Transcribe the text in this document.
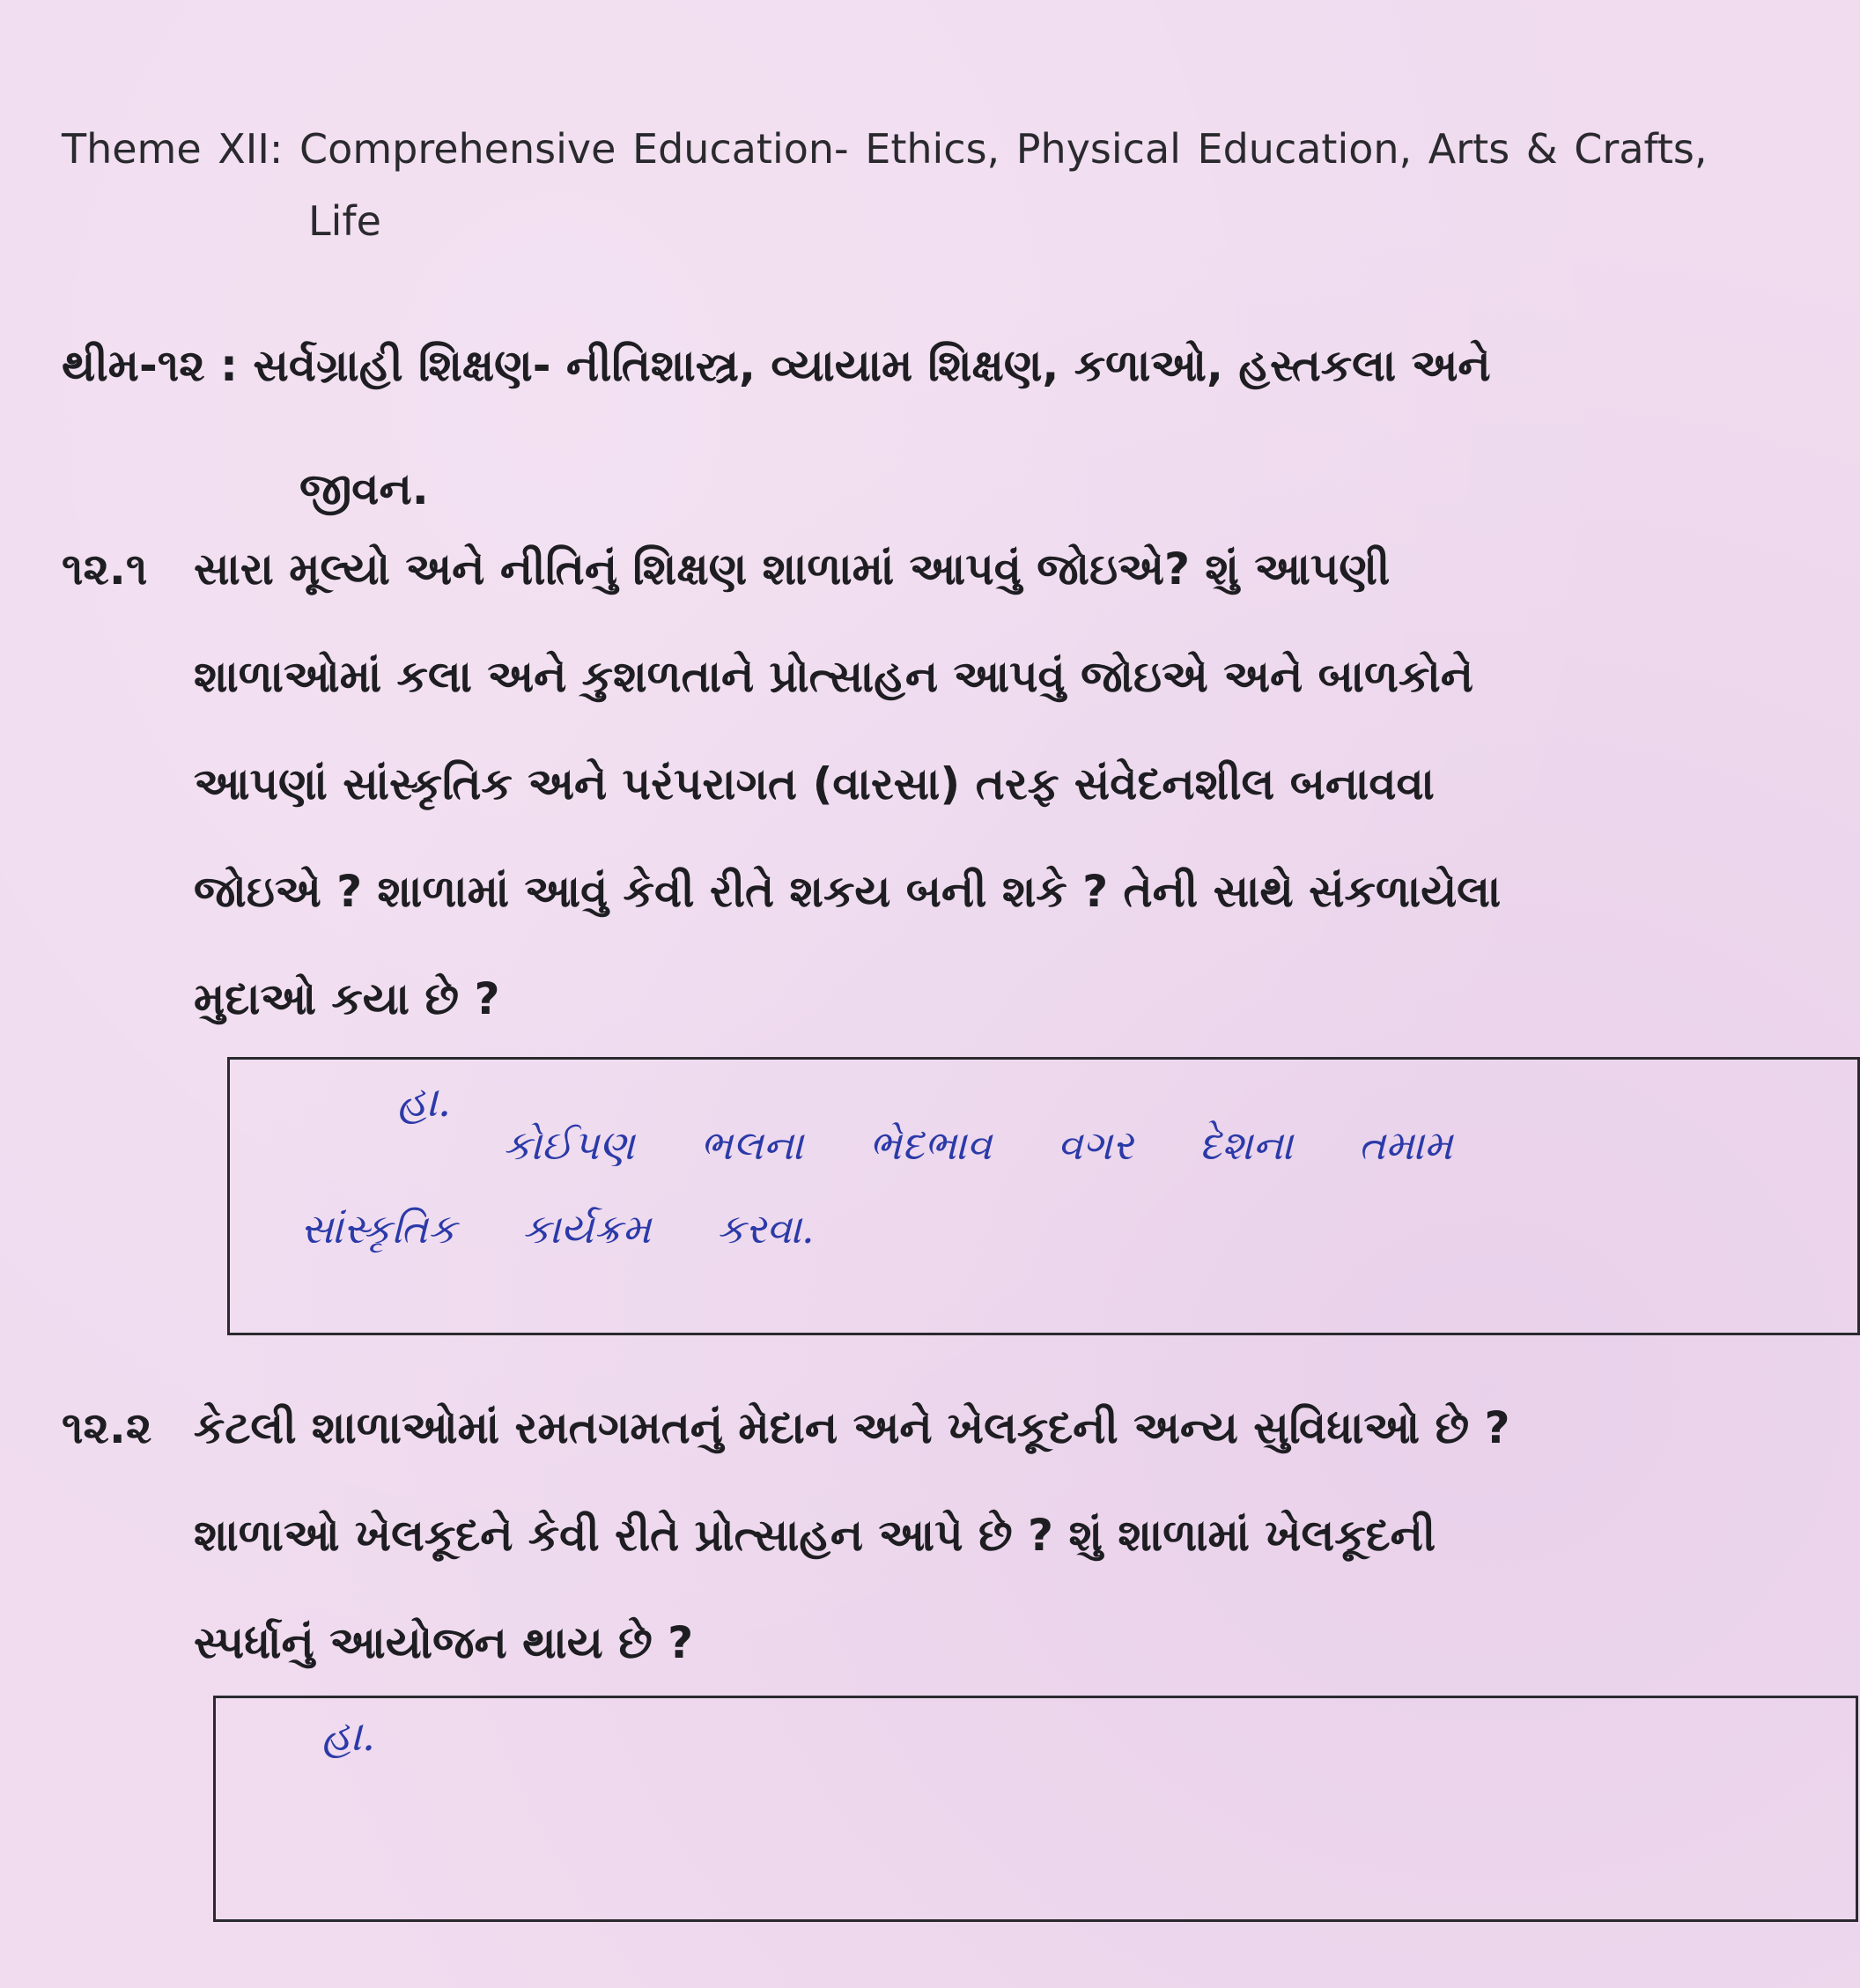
Theme XII: Comprehensive Education- Ethics, Physical Education, Arts & Crafts,
Life
થીમ-૧૨ : સર્વગ્રાહી શિક્ષણ- નીતિશાસ્ત્ર, વ્યાયામ શિક્ષણ, કળાઓ, હસ્તકલા અને
જીવન.
૧૨.૧ સારા મૂલ્યો અને નીતિનું શિક્ષણ શાળામાં આપવું જોઇએ? શું આપણી
શાળાઓમાં કલા અને કુશળતાને પ્રોત્સાહન આપવું જોઇએ અને બાળકોને
આપણાં સાંસ્કૃતિક અને પરંપરાગત (વારસા) તરફ સંવેદનશીલ બનાવવા
જોઇએ ? શાળામાં આવું કેવી રીતે શકય બની શકે ? તેની સાથે સંકળાયેલા
મુદાઓ કયા છે ?
હા.
કોઈપણ ભલના ભેદભાવ વગર દેશના તમામ
સાંસ્કૃતિક કાર્યક્રમ કરવા.
૧૨.૨ કેટલી શાળાઓમાં રમતગમતનું મેદાન અને ખેલકૂદની અન્ય સુવિધાઓ છે ?
શાળાઓ ખેલકૂદને કેવી રીતે પ્રોત્સાહન આપે છે ? શું શાળામાં ખેલકૂદની
સ્પર્ધાનું આયોજન થાય છે ?
હા.
